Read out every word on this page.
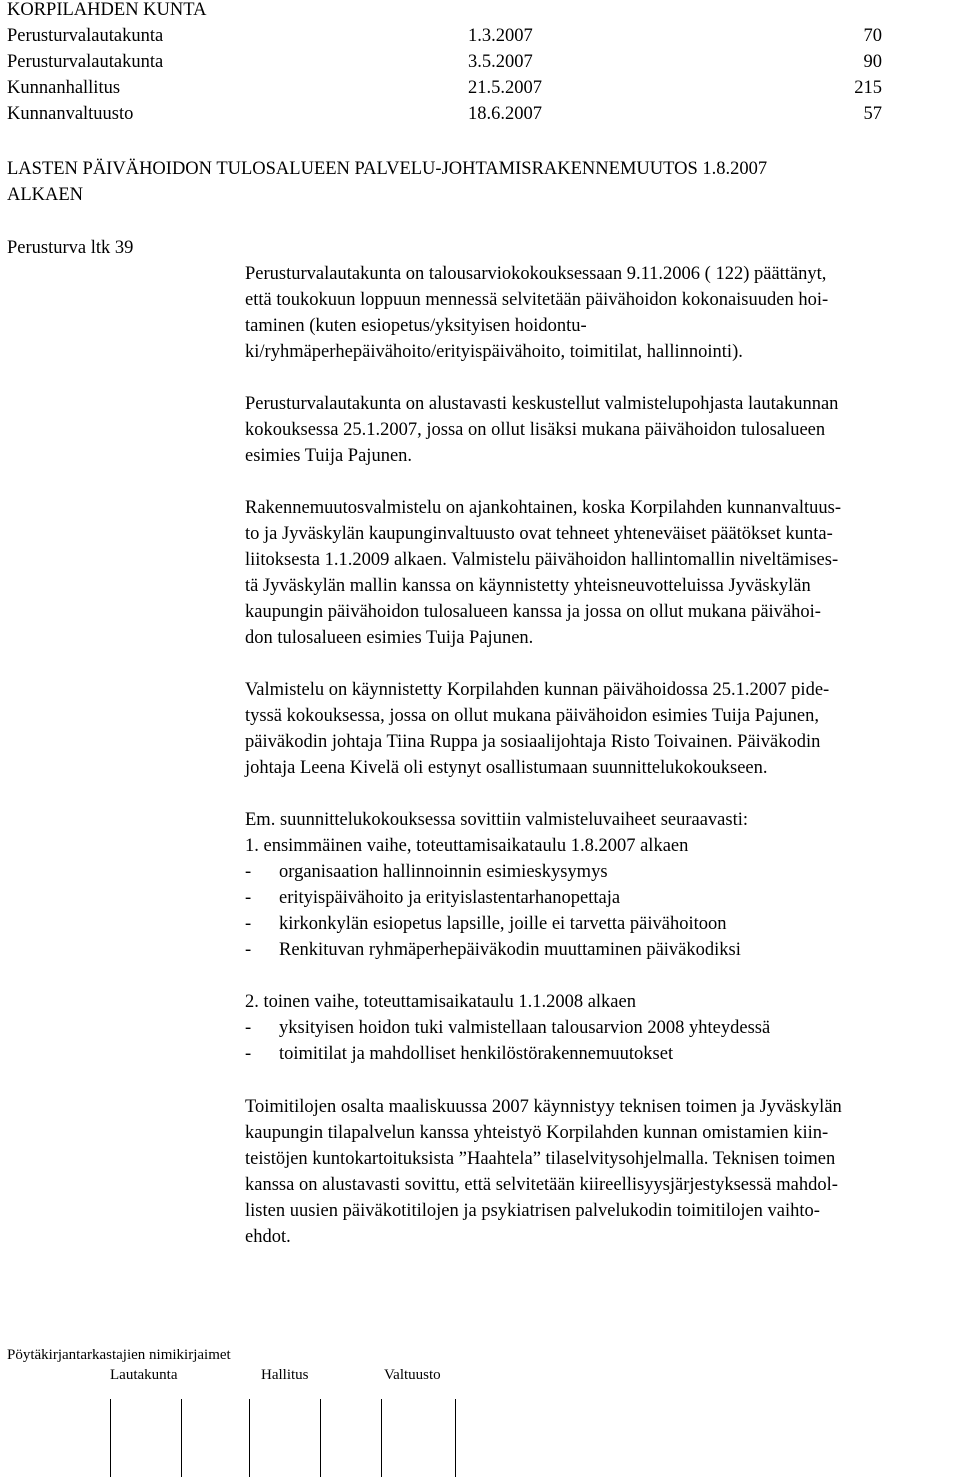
KORPILAHDEN KUNTA
Perusturvalautakunta	1.3.2007	70
Perusturvalautakunta	3.5.2007	90
Kunnanhallitus	21.5.2007	215
Kunnanvaltuusto	18.6.2007	57
LASTEN PÄIVÄHOIDON TULOSALUEEN PALVELU-JOHTAMISRAKENNEMUUTOS 1.8.2007
ALKAEN
Perusturva ltk 39
Perusturvalautakunta on talousarviokokouksessaan 9.11.2006 ( 122) päättänyt,
että toukokuun loppuun mennessä selvitetään päivähoidon kokonaisuuden hoi-
taminen (kuten esiopetus/yksityisen hoidontu-
ki/ryhmäperhepäivähoito/erityispäivähoito, toimitilat, hallinnointi).
Perusturvalautakunta on alustavasti keskustellut valmistelupohjasta lautakunnan
kokouksessa 25.1.2007, jossa on ollut lisäksi mukana päivähoidon tulosalueen
esimies Tuija Pajunen.
Rakennemuutosvalmistelu on ajankohtainen, koska Korpilahden kunnanvaltuus-
to ja Jyväskylän kaupunginvaltuusto ovat tehneet yhteneväiset päätökset kunta-
liitoksesta 1.1.2009 alkaen. Valmistelu päivähoidon hallintomallin niveltämises-
tä Jyväskylän mallin kanssa on käynnistetty yhteisneuvotteluissa Jyväskylän
kaupungin päivähoidon tulosalueen kanssa ja jossa on ollut mukana päivähoi-
don tulosalueen esimies Tuija Pajunen.
Valmistelu on käynnistetty Korpilahden kunnan päivähoidossa 25.1.2007 pide-
tyssä kokouksessa, jossa on ollut mukana päivähoidon esimies Tuija Pajunen,
päiväkodin johtaja Tiina Ruppa ja sosiaalijohtaja Risto Toivainen. Päiväkodin
johtaja Leena Kivelä oli estynyt osallistumaan suunnittelukokoukseen.
Em. suunnittelukokouksessa sovittiin valmisteluvaiheet seuraavasti:
1. ensimmäinen vaihe, toteuttamisaikataulu 1.8.2007 alkaen
- organisaation hallinnoinnin esimieskysymys
- erityispäivähoito ja erityislastentarhanopettaja
- kirkonkylän esiopetus lapsille, joille ei tarvetta päivähoitoon
- Renkituvan ryhmäperhepäiväkodin muuttaminen päiväkodiksi
2. toinen vaihe, toteuttamisaikataulu 1.1.2008 alkaen
- yksityisen hoidon tuki valmistellaan talousarvion 2008 yhteydessä
- toimitilat ja mahdolliset henkilöstörakennemuutokset
Toimitilojen osalta maaliskuussa 2007 käynnistyy teknisen toimen ja Jyväskylän
kaupungin tilapalvelun kanssa yhteistyö Korpilahden kunnan omistamien kiin-
teistöjen kuntokartoituksista ”Haahtela” tilaselvitysohjelmalla. Teknisen toimen
kanssa on alustavasti sovittu, että selvitetään kiireellisyysjärjestyksessä mahdol-
listen uusien päiväkotitilojen ja psykiatrisen palvelukodin toimitilojen vaihto-
ehdot.
Pöytäkirjantarkastajien nimikirjaimet
Lautakunta	Hallitus	Valtuusto
